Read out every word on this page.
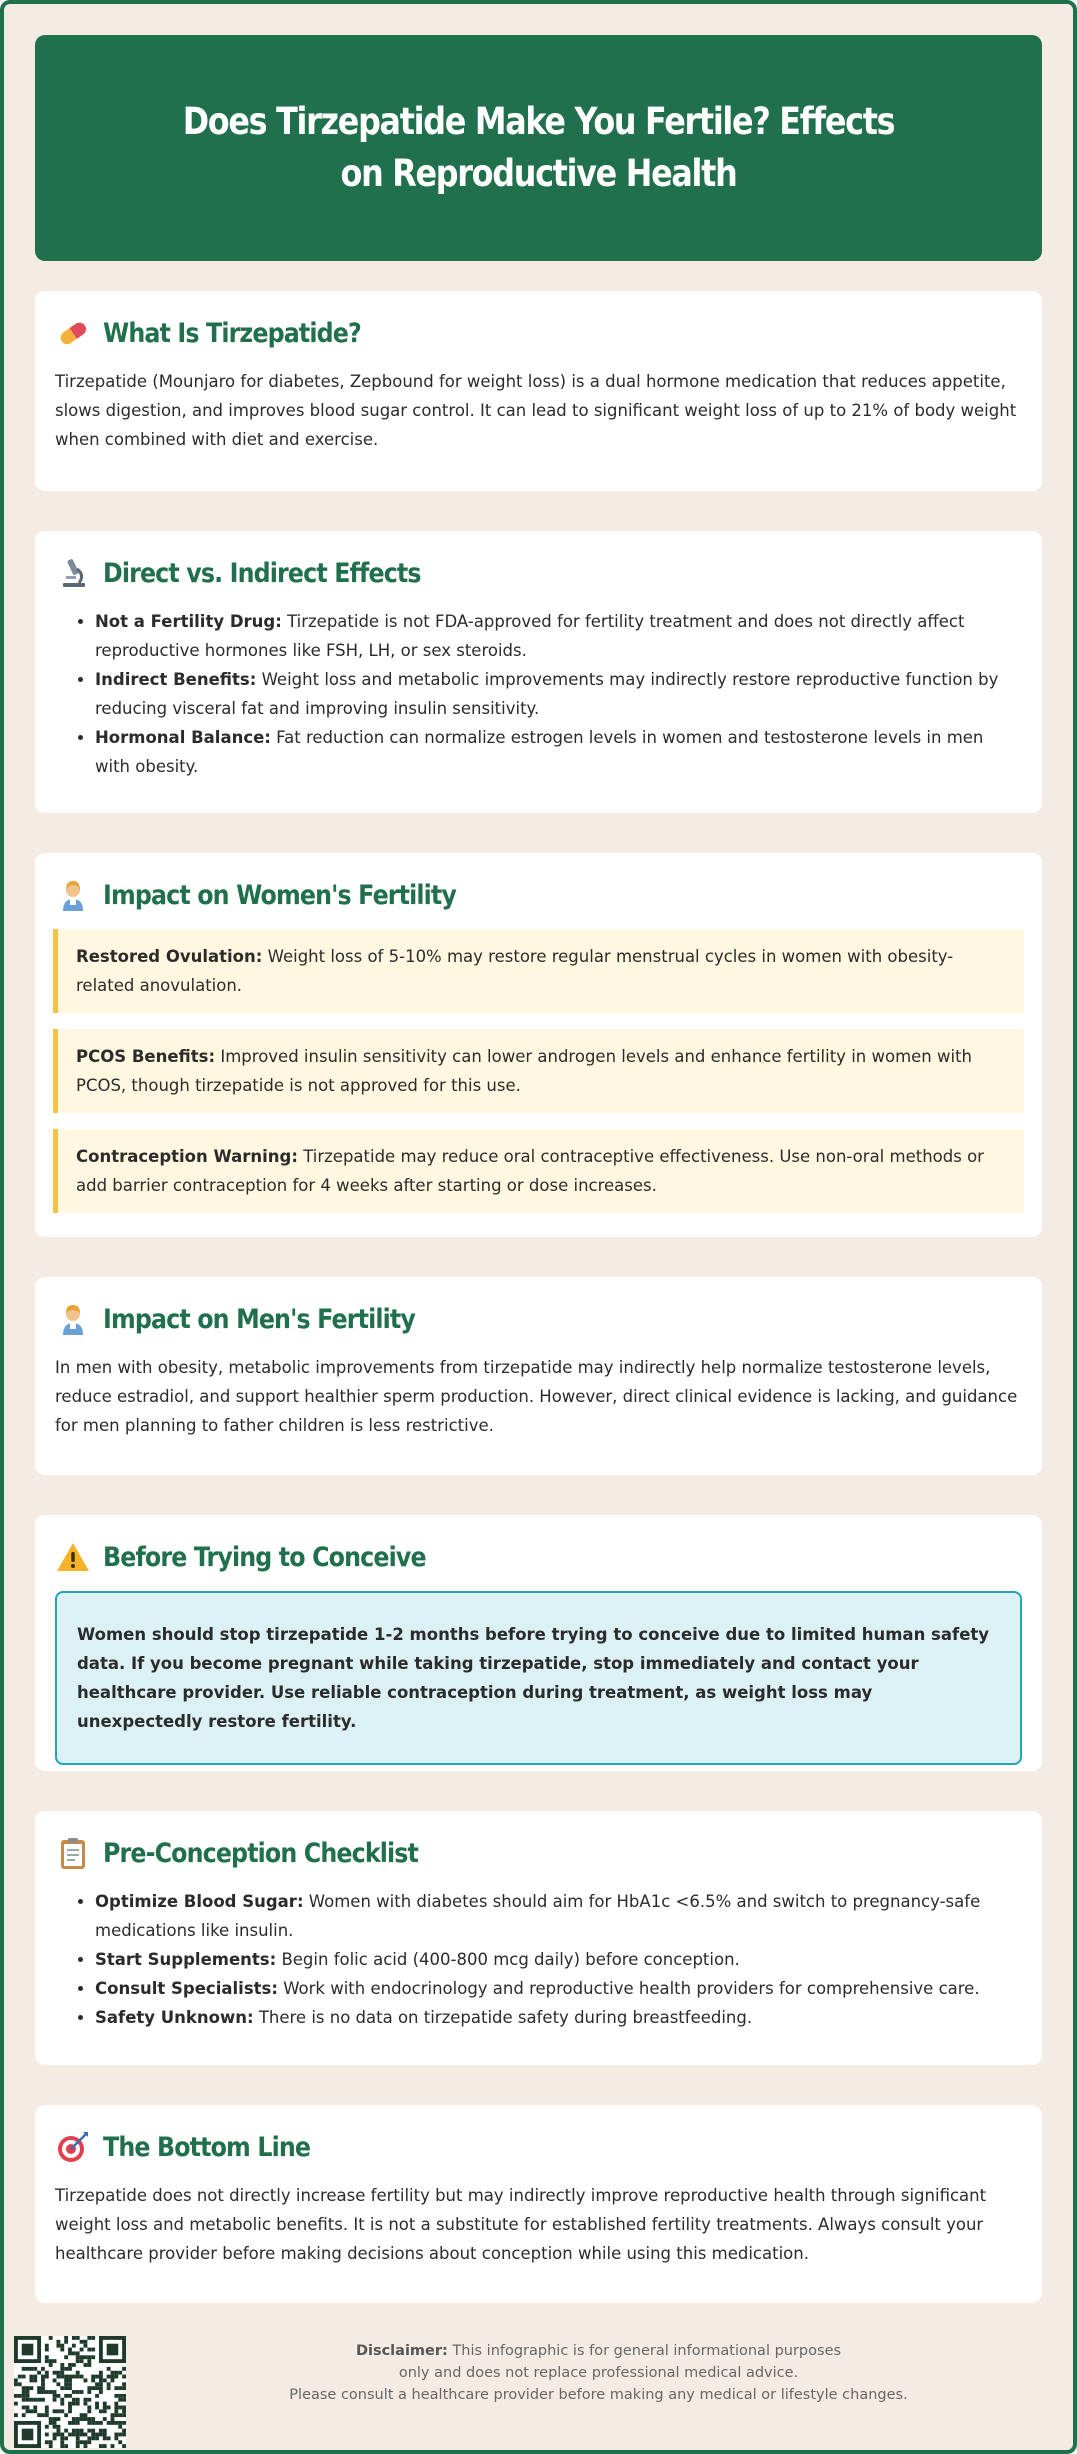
Does Tirzepatide Make You Fertile? Effects on Reproductive Health
What Is Tirzepatide?

Tirzepatide (Mounjaro for diabetes, Zepbound for weight loss) is a dual hormone medication that reduces appetite, slows digestion, and improves blood sugar control. It can lead to significant weight loss of up to 21% of body weight when combined with diet and exercise.

Direct vs. Indirect Effects
• Not a Fertility Drug: Tirzepatide is not FDA-approved for fertility treatment and does not directly affect reproductive hormones like FSH, LH, or sex steroids.
• Indirect Benefits: Weight loss and metabolic improvements may indirectly restore reproductive function by reducing visceral fat and improving insulin sensitivity.
• Hormonal Balance: Fat reduction can normalize estrogen levels in women and testosterone levels in men with obesity.
Impact on Women's Fertility
Restored Ovulation: Weight loss of 5-10% may restore regular menstrual cycles in women with obesity-related anovulation.
PCOS Benefits: Improved insulin sensitivity can lower androgen levels and enhance fertility in women with PCOS, though tirzepatide is not approved for this use.
Contraception Warning: Tirzepatide may reduce oral contraceptive effectiveness. Use non-oral methods or add barrier contraception for 4 weeks after starting or dose increases.
Impact on Men's Fertility

In men with obesity, metabolic improvements from tirzepatide may indirectly help normalize testosterone levels, reduce estradiol, and support healthier sperm production. However, direct clinical evidence is lacking, and guidance for men planning to father children is less restrictive.

Before Trying to Conceive
Women should stop tirzepatide 1-2 months before trying to conceive due to limited human safety data. If you become pregnant while taking tirzepatide, stop immediately and contact your healthcare provider. Use reliable contraception during treatment, as weight loss may unexpectedly restore fertility.
Pre-Conception Checklist
• Optimize Blood Sugar: Women with diabetes should aim for HbA1c <6.5% and switch to pregnancy-safe medications like insulin.
• Start Supplements: Begin folic acid (400-800 mcg daily) before conception.
• Consult Specialists: Work with endocrinology and reproductive health providers for comprehensive care.
• Safety Unknown: There is no data on tirzepatide safety during breastfeeding.
The Bottom Line

Tirzepatide does not directly increase fertility but may indirectly improve reproductive health through significant weight loss and metabolic benefits. It is not a substitute for established fertility treatments. Always consult your healthcare provider before making decisions about conception while using this medication.

Disclaimer: This infographic is for general informational purposes
only and does not replace professional medical advice.
Please consult a healthcare provider before making any medical or lifestyle changes.
